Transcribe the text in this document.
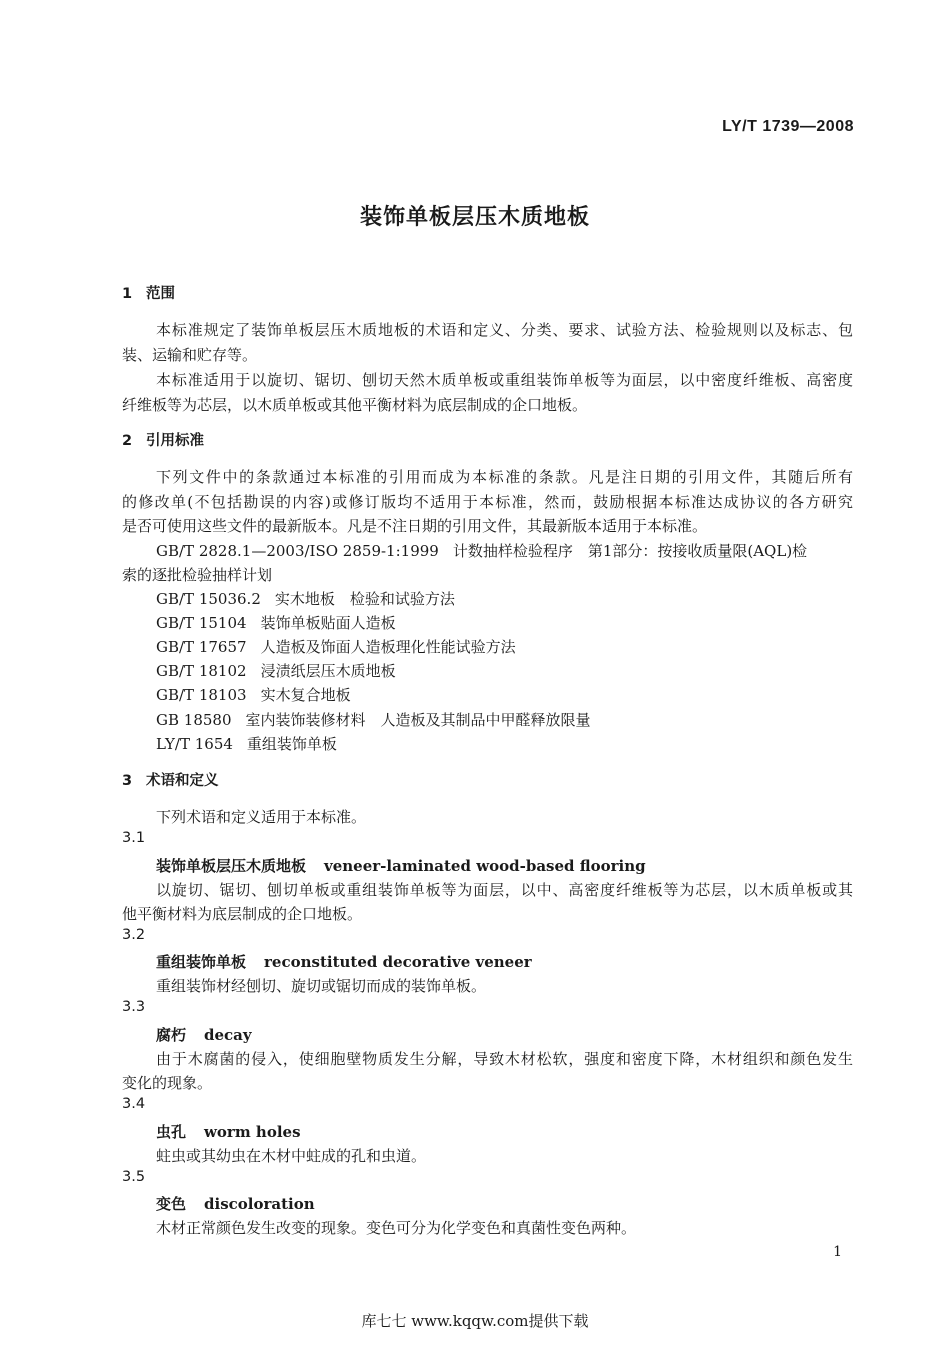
LY/T 1739—2008
装饰单板层压木质地板
1 范围
本标准规定了装饰单板层压木质地板的术语和定义、分类、要求、试验方法、检验规则以及标志、包
装、运输和贮存等。
本标准适用于以旋切、锯切、刨切天然木质单板或重组装饰单板等为面层，以中密度纤维板、高密度
纤维板等为芯层，以木质单板或其他平衡材料为底层制成的企口地板。
2 引用标准
下列文件中的条款通过本标准的引用而成为本标准的条款。凡是注日期的引用文件，其随后所有
的修改单(不包括勘误的内容)或修订版均不适用于本标准，然而，鼓励根据本标准达成协议的各方研究
是否可使用这些文件的最新版本。凡是不注日期的引用文件，其最新版本适用于本标准。
GB/T 2828.1—2003/ISO 2859-1:1999 计数抽样检验程序　第1部分：按接收质量限(AQL)检
索的逐批检验抽样计划
GB/T 15036.2 实木地板　检验和试验方法
GB/T 15104 装饰单板贴面人造板
GB/T 17657 人造板及饰面人造板理化性能试验方法
GB/T 18102 浸渍纸层压木质地板
GB/T 18103 实木复合地板
GB 18580 室内装饰装修材料　人造板及其制品中甲醛释放限量
LY/T 1654 重组装饰单板
3 术语和定义
下列术语和定义适用于本标准。
3.1
装饰单板层压木质地板 veneer-laminated wood-based flooring
以旋切、锯切、刨切单板或重组装饰单板等为面层，以中、高密度纤维板等为芯层，以木质单板或其
他平衡材料为底层制成的企口地板。
3.2
重组装饰单板 reconstituted decorative veneer
重组装饰材经刨切、旋切或锯切而成的装饰单板。
3.3
腐朽 decay
由于木腐菌的侵入，使细胞壁物质发生分解，导致木材松软，强度和密度下降，木材组织和颜色发生
变化的现象。
3.4
虫孔 worm holes
蛀虫或其幼虫在木材中蛀成的孔和虫道。
3.5
变色 discoloration
木材正常颜色发生改变的现象。变色可分为化学变色和真菌性变色两种。
1
库七七 www.kqqw.com提供下载
